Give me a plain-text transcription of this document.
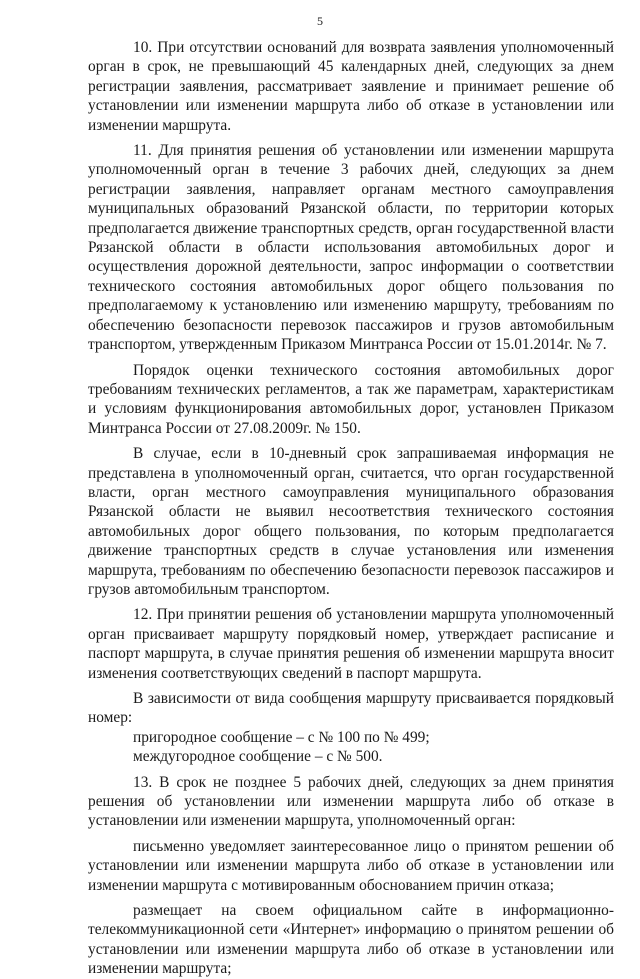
5

10. При отсутствии оснований для возврата заявления уполномоченный орган в срок, не превышающий 45 календарных дней, следующих за днем регистрации заявления, рассматривает заявление и принимает решение об установлении или изменении маршрута либо об отказе в установлении или изменении маршрута.

11. Для принятия решения об установлении или изменении маршрута уполномоченный орган в течение 3 рабочих дней, следующих за днем регистрации заявления, направляет органам местного самоуправления муниципальных образований Рязанской области, по территории которых предполагается движение транспортных средств, орган государственной власти Рязанской области в области использования автомобильных дорог и осуществления дорожной деятельности, запрос информации о соответствии технического состояния автомобильных дорог общего пользования по предполагаемому к установлению или изменению маршруту, требованиям по обеспечению безопасности перевозок пассажиров и грузов автомобильным транспортом, утвержденным Приказом Минтранса России от 15.01.2014г. № 7.

Порядок оценки технического состояния автомобильных дорог требованиям технических регламентов, а так же параметрам, характеристикам и условиям функционирования автомобильных дорог, установлен Приказом Минтранса России от 27.08.2009г. № 150.

В случае, если в 10-дневный срок запрашиваемая информация не представлена в уполномоченный орган, считается, что орган государственной власти, орган местного самоуправления муниципального образования Рязанской области не выявил несоответствия технического состояния автомобильных дорог общего пользования, по которым предполагается движение транспортных средств в случае установления или изменения маршрута, требованиям по обеспечению безопасности перевозок пассажиров и грузов автомобильным транспортом.

12. При принятии решения об установлении маршрута уполномоченный орган присваивает маршруту порядковый номер, утверждает расписание и паспорт маршрута, в случае принятия решения об изменении маршрута вносит изменения соответствующих сведений в паспорт маршрута.

В зависимости от вида сообщения маршруту присваивается порядковый номер:

пригородное сообщение – с № 100 по № 499;

междугородное сообщение – с № 500.

13. В срок не позднее 5 рабочих дней, следующих за днем принятия решения об установлении или изменении маршрута либо об отказе в установлении или изменении маршрута, уполномоченный орган:

письменно уведомляет заинтересованное лицо о принятом решении об установлении или изменении маршрута либо об отказе в установлении или изменении маршрута с мотивированным обоснованием причин отказа;

размещает на своем официальном сайте в информационно-телекоммуникационной сети «Интернет» информацию о принятом решении об установлении или изменении маршрута либо об отказе в установлении или изменении маршрута;
